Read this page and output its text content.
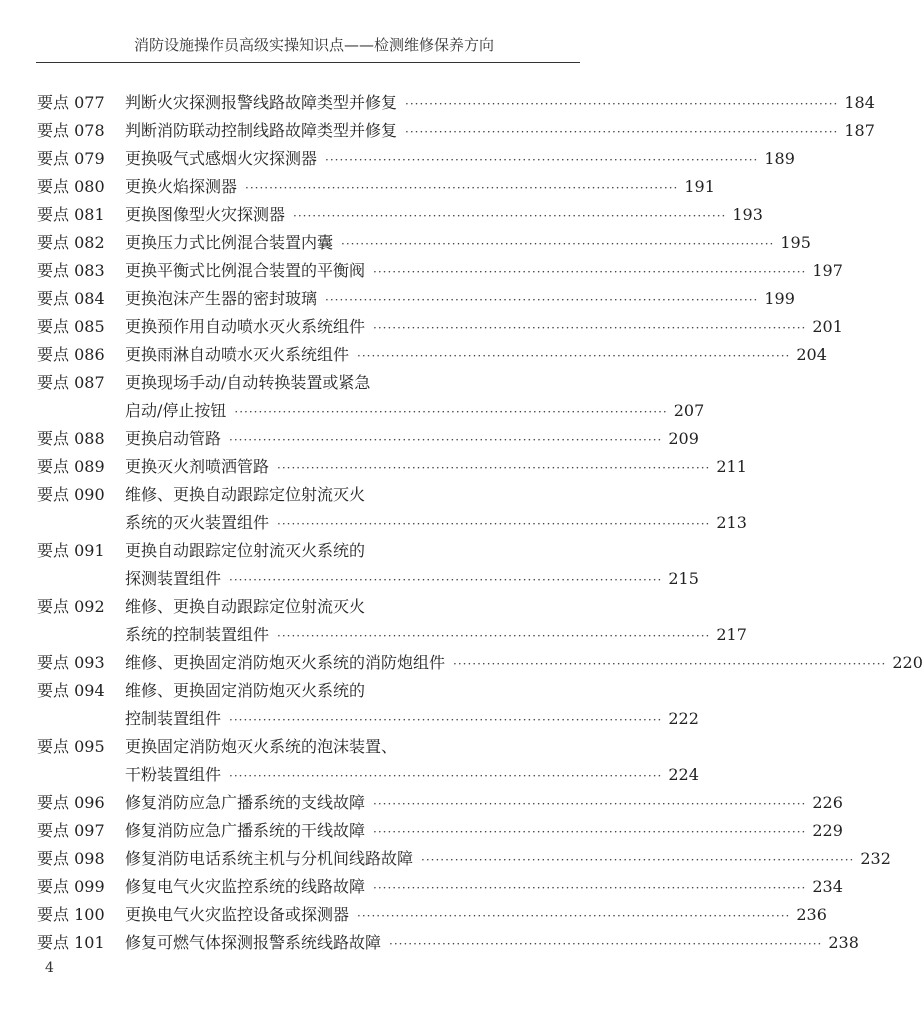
消防设施操作员高级实操知识点——检测维修保养方向
要点 077	判断火灾探测报警线路故障类型并修复 ·····	184
要点 078	判断消防联动控制线路故障类型并修复 ·····	187
要点 079	更换吸气式感烟火灾探测器 ·····	189
要点 080	更换火焰探测器 ·····	191
要点 081	更换图像型火灾探测器 ·····	193
要点 082	更换压力式比例混合装置内囊 ·····	195
要点 083	更换平衡式比例混合装置的平衡阀 ·····	197
要点 084	更换泡沫产生器的密封玻璃 ·····	199
要点 085	更换预作用自动喷水灭火系统组件 ·····	201
要点 086	更换雨淋自动喷水灭火系统组件 ·····	204
要点 087	更换现场手动/自动转换装置或紧急
启动/停止按钮 ·····	207
要点 088	更换启动管路 ·····	209
要点 089	更换灭火剂喷洒管路 ·····	211
要点 090	维修、更换自动跟踪定位射流灭火
系统的灭火装置组件 ·····	213
要点 091	更换自动跟踪定位射流灭火系统的
探测装置组件 ·····	215
要点 092	维修、更换自动跟踪定位射流灭火
系统的控制装置组件 ·····	217
要点 093	维修、更换固定消防炮灭火系统的消防炮组件 ·····	220
要点 094	维修、更换固定消防炮灭火系统的
控制装置组件 ·····	222
要点 095	更换固定消防炮灭火系统的泡沫装置、
干粉装置组件 ·····	224
要点 096	修复消防应急广播系统的支线故障 ·····	226
要点 097	修复消防应急广播系统的干线故障 ·····	229
要点 098	修复消防电话系统主机与分机间线路故障 ·····	232
要点 099	修复电气火灾监控系统的线路故障 ·····	234
要点 100	更换电气火灾监控设备或探测器 ·····	236
要点 101	修复可燃气体探测报警系统线路故障 ·····	238
4
